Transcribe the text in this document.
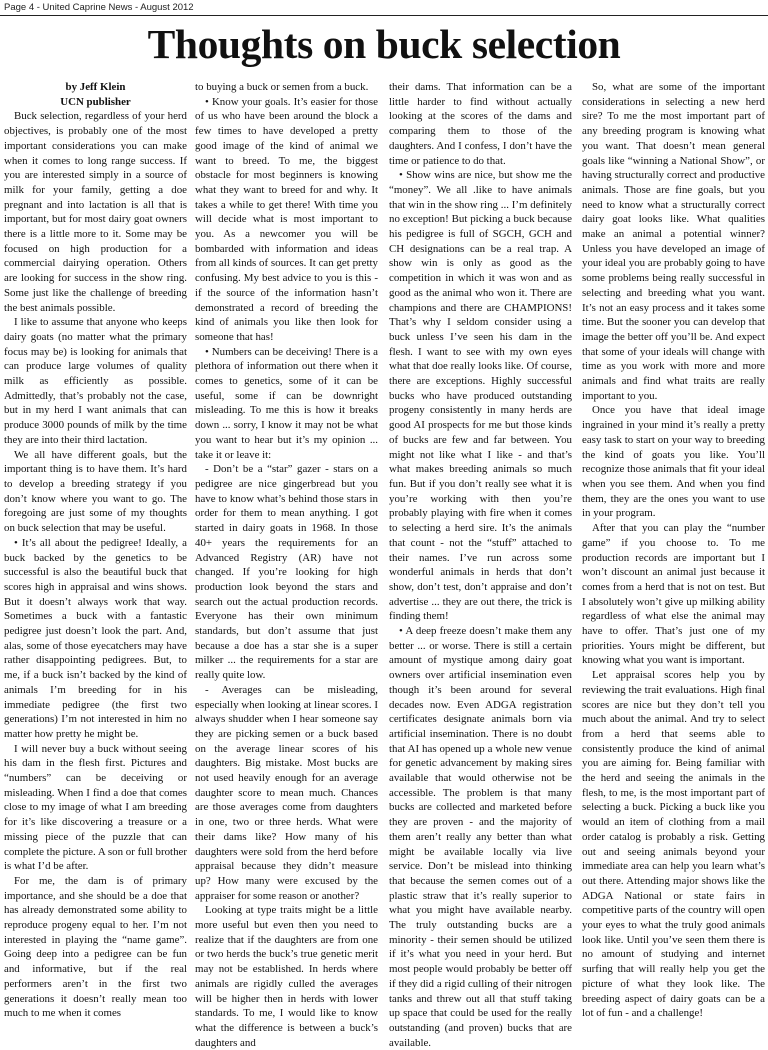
Page 4 - United Caprine News - August 2012
Thoughts on buck selection

by Jeff Klein

UCN publisher

Buck selection, regardless of your herd objectives, is probably one of the most important considerations you can make when it comes to long range success. If you are interested simply in a source of milk for your family, getting a doe pregnant and into lactation is all that is important, but for most dairy goat owners there is a little more to it. Some may be focused on high production for a commercial dairying operation. Others are looking for success in the show ring. Some just like the challenge of breeding the best animals possible.

I like to assume that anyone who keeps dairy goats (no matter what the primary focus may be) is looking for animals that can produce large volumes of quality milk as efficiently as possible. Admittedly, that’s probably not the case, but in my herd I want animals that can produce 3000 pounds of milk by the time they are into their third lactation.

We all have different goals, but the important thing is to have them. It’s hard to develop a breeding strategy if you don’t know where you want to go. The foregoing are just some of my thoughts on buck selection that may be useful.

• It’s all about the pedigree! Ideally, a buck backed by the genetics to be successful is also the beautiful buck that scores high in appraisal and wins shows. But it doesn’t always work that way. Sometimes a buck with a fantastic pedigree just doesn’t look the part. And, alas, some of those eyecatchers may have rather disappointing pedigrees. But, to me, if a buck isn’t backed by the kind of animals I’m breeding for in his immediate pedigree (the first two generations) I’m not interested in him no matter how pretty he might be.

I will never buy a buck without seeing his dam in the flesh first. Pictures and “numbers” can be deceiving or misleading. When I find a doe that comes close to my image of what I am breeding for it’s like discovering a treasure or a missing piece of the puzzle that can complete the picture. A son or full brother is what I’d be after.

For me, the dam is of primary importance, and she should be a doe that has already demonstrated some ability to reproduce progeny equal to her. I’m not interested in playing the “name game”. Going deep into a pedigree can be fun and informative, but if the real performers aren’t in the first two generations it doesn’t really mean too much to me when it comes

to buying a buck or semen from a buck.

• Know your goals. It’s easier for those of us who have been around the block a few times to have developed a pretty good image of the kind of animal we want to breed. To me, the biggest obstacle for most beginners is knowing what they want to breed for and why. It takes a while to get there! With time you will decide what is most important to you. As a newcomer you will be bombarded with information and ideas from all kinds of sources. It can get pretty confusing. My best advice to you is this - if the source of the information hasn’t demonstrated a record of breeding the kind of animals you like then look for someone that has!

• Numbers can be deceiving! There is a plethora of information out there when it comes to genetics, some of it can be useful, some if can be downright misleading. To me this is how it breaks down ... sorry, I know it may not be what you want to hear but it’s my opinion ... take it or leave it:

- Don’t be a “star” gazer - stars on a pedigree are nice gingerbread but you have to know what’s behind those stars in order for them to mean anything. I got started in dairy goats in 1968. In those 40+ years the requirements for an Advanced Registry (AR) have not changed. If you’re looking for high production look beyond the stars and search out the actual production records. Everyone has their own minimum standards, but don’t assume that just because a doe has a star she is a super milker ... the requirements for a star are really quite low.

- Averages can be misleading, especially when looking at linear scores. I always shudder when I hear someone say they are picking semen or a buck based on the average linear scores of his daughters. Big mistake. Most bucks are not used heavily enough for an average daughter score to mean much. Chances are those averages come from daughters in one, two or three herds. What were their dams like? How many of his daughters were sold from the herd before appraisal because they didn’t measure up? How many were excused by the appraiser for some reason or another?

Looking at type traits might be a little more useful but even then you need to realize that if the daughters are from one or two herds the buck’s true genetic merit may not be established. In herds where animals are rigidly culled the averages will be higher then in herds with lower standards. To me, I would like to know what the difference is between a buck’s daughters and

their dams. That information can be a little harder to find without actually looking at the scores of the dams and comparing them to those of the daughters. And I confess, I don’t have the time or patience to do that.

• Show wins are nice, but show me the “money”. We all .like to have animals that win in the show ring ... I’m definitely no exception! But picking a buck because his pedigree is full of SGCH, GCH and CH designations can be a real trap. A show win is only as good as the competition in which it was won and as good as the animal who won it. There are champions and there are CHAMPIONS! That’s why I seldom consider using a buck unless I’ve seen his dam in the flesh. I want to see with my own eyes what that doe really looks like. Of course, there are exceptions. Highly successful bucks who have produced outstanding progeny consistently in many herds are good AI prospects for me but those kinds of bucks are few and far between. You might not like what I like - and that’s what makes breeding animals so much fun. But if you don’t really see what it is you’re working with then you’re probably playing with fire when it comes to selecting a herd sire. It’s the animals that count - not the “stuff” attached to their names. I’ve run across some wonderful animals in herds that don’t show, don’t test, don’t appraise and don’t advertise ... they are out there, the trick is finding them!

• A deep freeze doesn’t make them any better ... or worse. There is still a certain amount of mystique among dairy goat owners over artificial insemination even though it’s been around for several decades now. Even ADGA registration certificates designate animals born via artificial insemination. There is no doubt that AI has opened up a whole new venue for genetic advancement by making sires available that would otherwise not be accessible. The problem is that many bucks are collected and marketed before they are proven - and the majority of them aren’t really any better than what might be available locally via live service. Don’t be mislead into thinking that because the semen comes out of a plastic straw that it’s really superior to what you might have available nearby. The truly outstanding bucks are a minority - their semen should be utilized if it’s what you need in your herd. But most people would probably be better off if they did a rigid culling of their nitrogen tanks and threw out all that stuff taking up space that could be used for the really outstanding (and proven) bucks that are available.

So, what are some of the important considerations in selecting a new herd sire? To me the most important part of any breeding program is knowing what you want. That doesn’t mean general goals like “winning a National Show”, or having structurally correct and productive animals. Those are fine goals, but you need to know what a structurally correct dairy goat looks like. What qualities make an animal a potential winner? Unless you have developed an image of your ideal you are probably going to have some problems being really successful in selecting and breeding what you want. It’s not an easy process and it takes some time. But the sooner you can develop that image the better off you’ll be. And expect that some of your ideals will change with time as you work with more and more animals and find what traits are really important to you.

Once you have that ideal image ingrained in your mind it’s really a pretty easy task to start on your way to breeding the kind of goats you like. You’ll recognize those animals that fit your ideal when you see them. And when you find them, they are the ones you want to use in your program.

After that you can play the “number game” if you choose to. To me production records are important but I won’t discount an animal just because it comes from a herd that is not on test. But I absolutely won’t give up milking ability regardless of what else the animal may have to offer. That’s just one of my priorities. Yours might be different, but knowing what you want is important.

Let appraisal scores help you by reviewing the trait evaluations. High final scores are nice but they don’t tell you much about the animal. And try to select from a herd that seems able to consistently produce the kind of animal you are aiming for. Being familiar with the herd and seeing the animals in the flesh, to me, is the most important part of selecting a buck. Picking a buck like you would an item of clothing from a mail order catalog is probably a risk. Getting out and seeing animals beyond your immediate area can help you learn what’s out there. Attending major shows like the ADGA National or state fairs in competitive parts of the country will open your eyes to what the truly good animals look like. Until you’ve seen them there is no amount of studying and internet surfing that will really help you get the picture of what they look like. The breeding aspect of dairy goats can be a lot of fun - and a challenge!
